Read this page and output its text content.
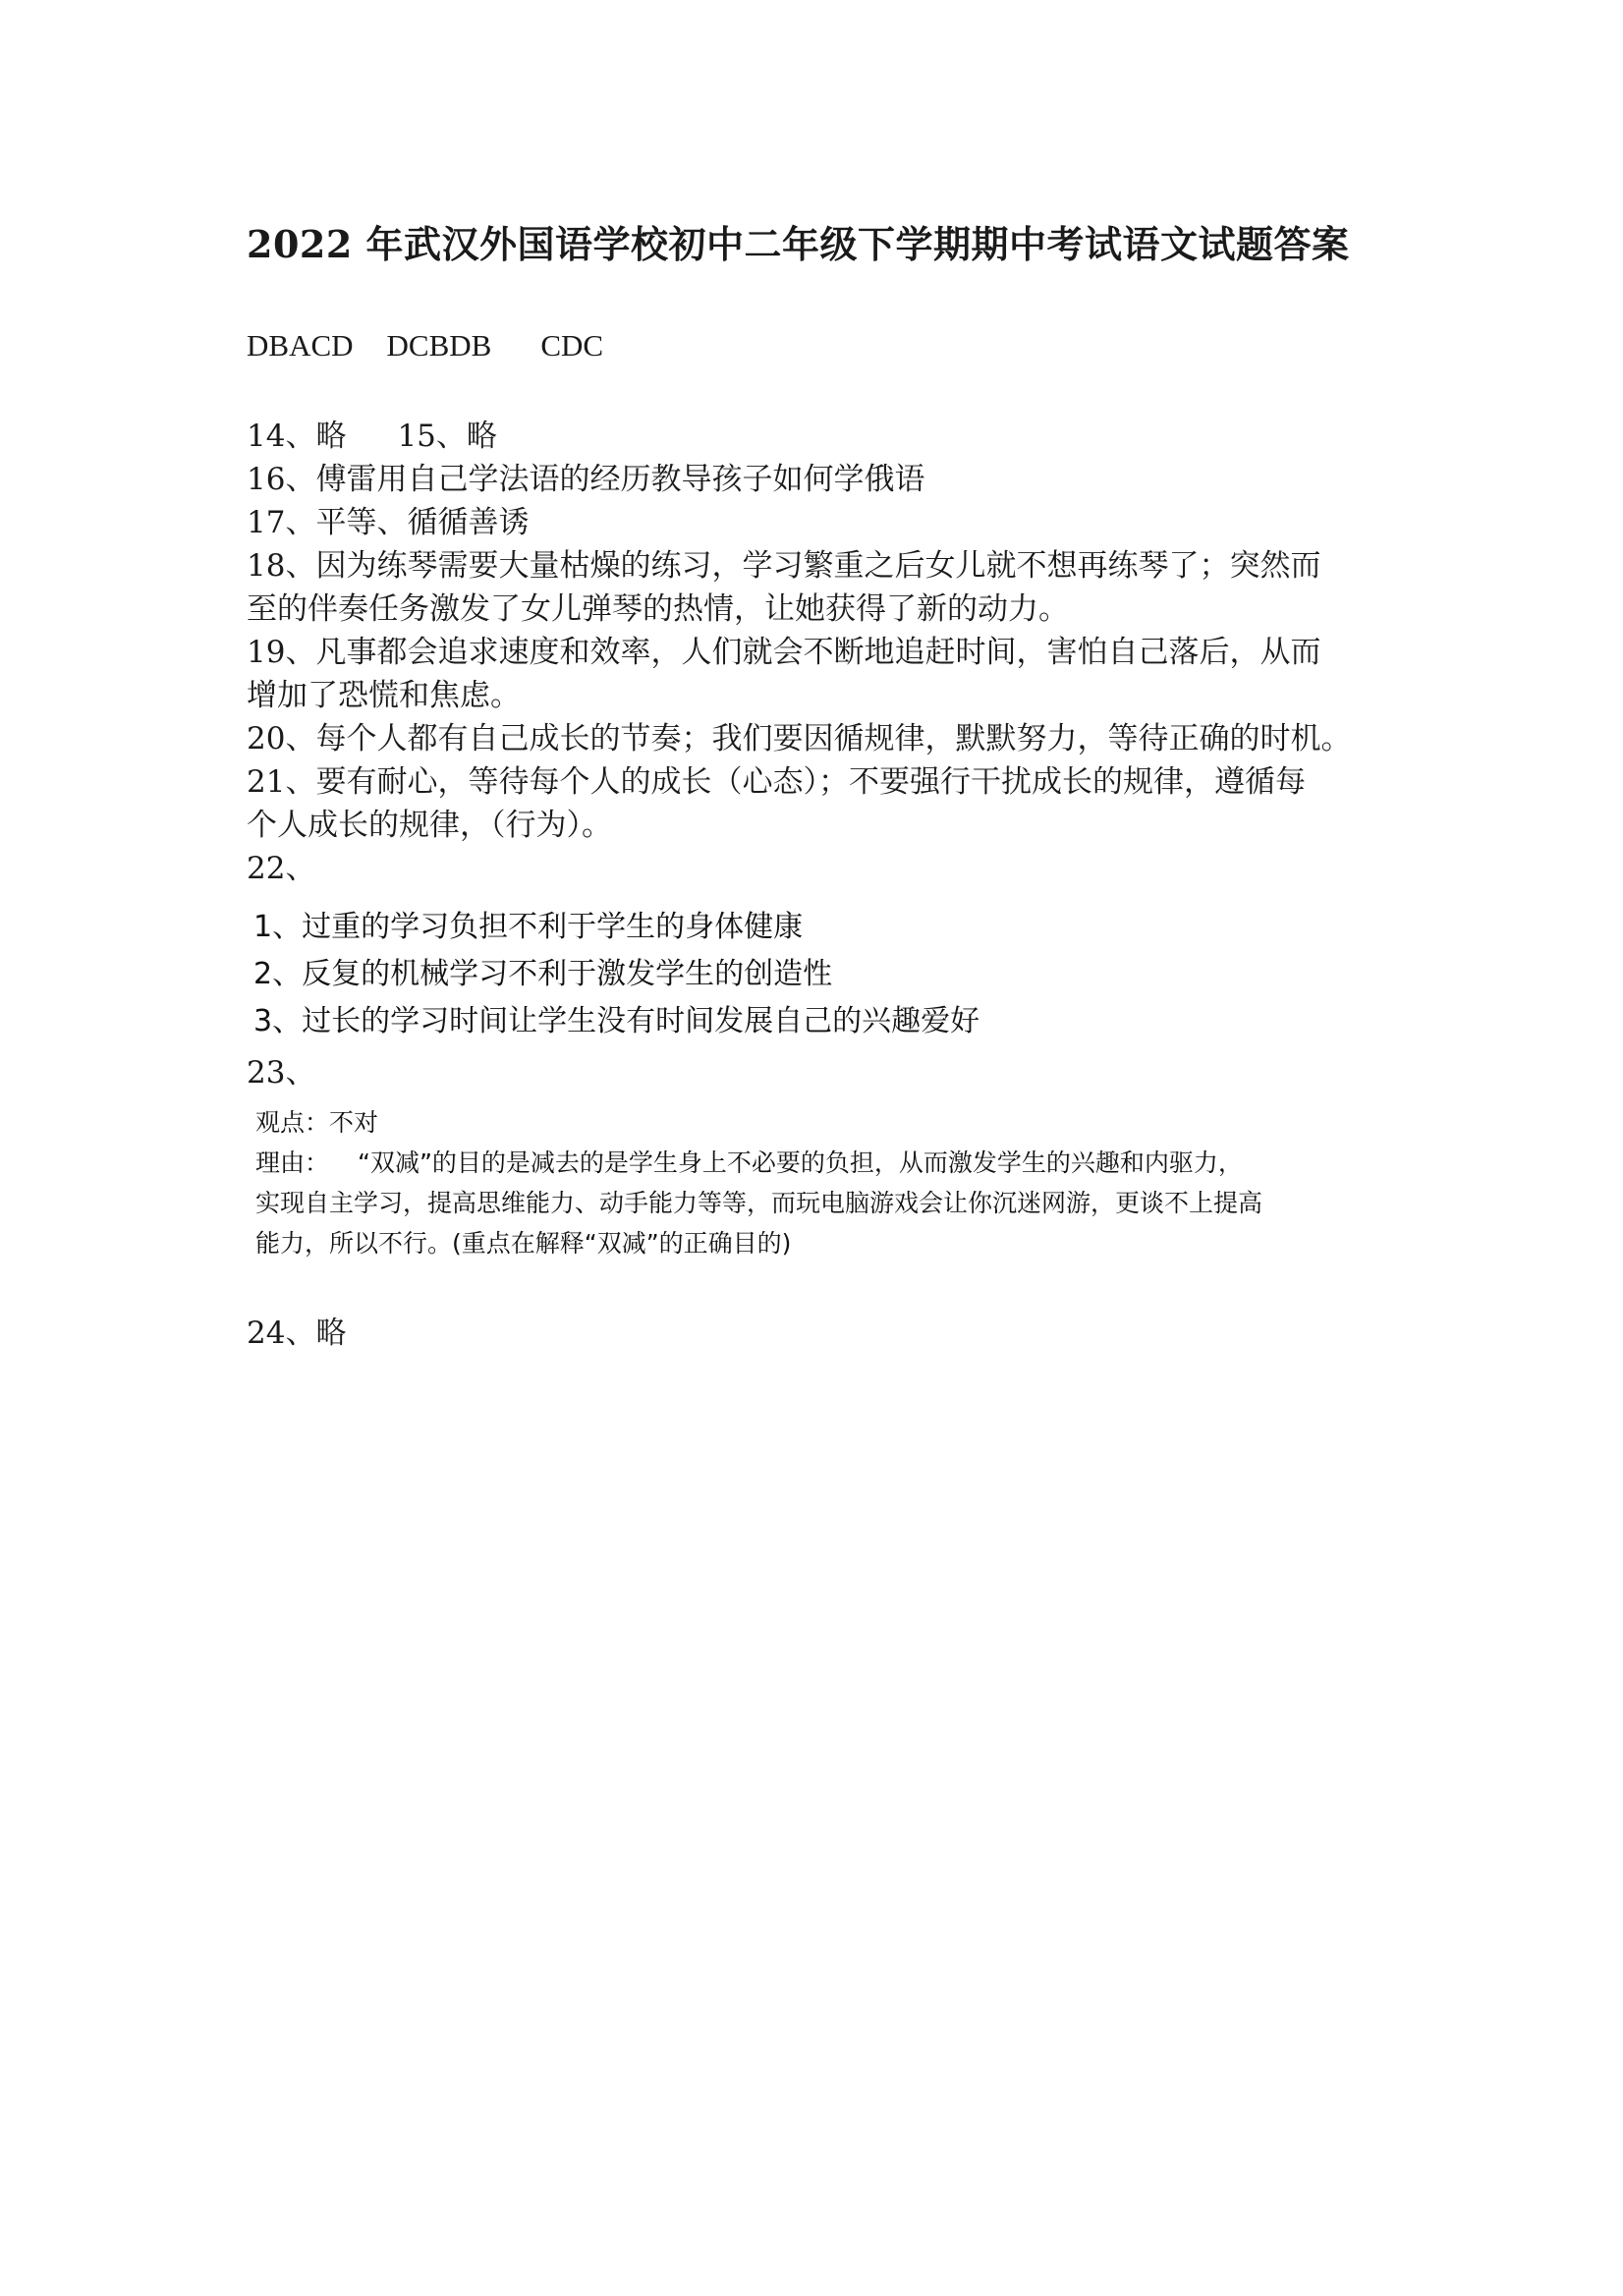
2022 年武汉外国语学校初中二年级下学期期中考试语文试题答案
DBACD DCBDB CDC
14、略 15、略
16、傅雷用自己学法语的经历教导孩子如何学俄语
17、平等、循循善诱
18、因为练琴需要大量枯燥的练习，学习繁重之后女儿就不想再练琴了；突然而
至的伴奏任务激发了女儿弹琴的热情，让她获得了新的动力。
19、凡事都会追求速度和效率，人们就会不断地追赶时间，害怕自己落后，从而
增加了恐慌和焦虑。
20、每个人都有自己成长的节奏；我们要因循规律，默默努力，等待正确的时机。
21、要有耐心，等待每个人的成长（心态）；不要强行干扰成长的规律，遵循每
个人成长的规律，（行为）。
22、
1、过重的学习负担不利于学生的身体健康
2、反复的机械学习不利于激发学生的创造性
3、过长的学习时间让学生没有时间发展自己的兴趣爱好
23、
观点：不对
理由： “双减”的目的是减去的是学生身上不必要的负担，从而激发学生的兴趣和内驱力，
实现自主学习，提高思维能力、动手能力等等，而玩电脑游戏会让你沉迷网游，更谈不上提高
能力，所以不行。(重点在解释“双减”的正确目的)
24、略
